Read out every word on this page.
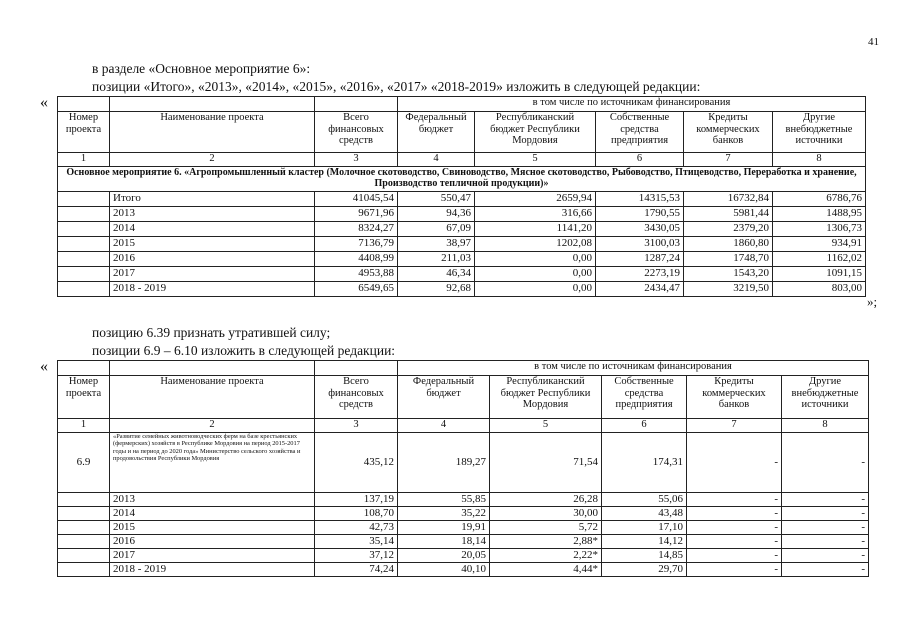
41
в разделе «Основное мероприятие 6»:
позиции «Итого», «2013», «2014», «2015», «2016», «2017» «2018-2019» изложить в следующей редакции:
«
				в том числе по источникам финансирования				
Номер проекта	Наименование проекта	Всего финансовых средств	Федеральный бюджет	Республиканский бюджет Республики Мордовия	Собственные средства предприятия	Кредиты коммерческих банков	Другие внебюджетные источники
1	2	3	4	5	6	7	8
Основное мероприятие 6. «Агропромышленный кластер (Молочное скотоводство, Свиноводство, Мясное скотоводство, Рыбоводство, Птицеводство, Переработка и хранение, Производство тепличной продукции)»							
	Итого	41045,54	550,47	2659,94	14315,53	16732,84	6786,76
	2013	9671,96	94,36	316,66	1790,55	5981,44	1488,95
	2014	8324,27	67,09	1141,20	3430,05	2379,20	1306,73
	2015	7136,79	38,97	1202,08	3100,03	1860,80	934,91
	2016	4408,99	211,03	0,00	1287,24	1748,70	1162,02
	2017	4953,88	46,34	0,00	2273,19	1543,20	1091,15
	2018 - 2019	6549,65	92,68	0,00	2434,47	3219,50	803,00
»;
позицию 6.39 признать утратившей силу;
позиции 6.9 – 6.10 изложить в следующей редакции:
«
				в том числе по источникам финансирования				
Номер проекта	Наименование проекта	Всего финансовых средств	Федеральный бюджет	Республиканский бюджет Республики Мордовия	Собственные средства предприятия	Кредиты коммерческих банков	Другие внебюджетные источники
1	2	3	4	5	6	7	8
6.9	«Развитие семейных животноводческих ферм на базе крестьянских (фермерских) хозяйств в Республике Мордовия на период 2015-2017 годы и на период до 2020 года» Министерство сельского хозяйства и продовольствия Республики Мордовия	435,12	189,27	71,54	174,31	-	-
	2013	137,19	55,85	26,28	55,06	-	-
	2014	108,70	35,22	30,00	43,48	-	-
	2015	42,73	19,91	5,72	17,10	-	-
	2016	35,14	18,14	2,88*	14,12	-	-
	2017	37,12	20,05	2,22*	14,85	-	-
	2018 - 2019	74,24	40,10	4,44*	29,70	-	-
